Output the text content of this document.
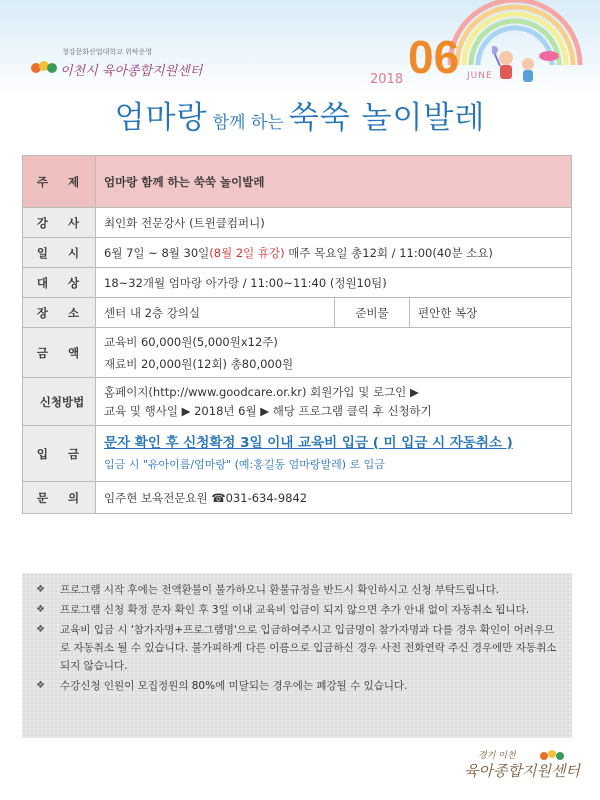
청강문화산업대학교 위탁운영
이천시 육아종합지원센터
2018 06 JUNE
엄마랑 함께 하는 쑥쑥 놀이발레
주 제	엄마랑 함께 하는 쑥쑥 놀이발레		
강 사	최인화 전문강사 (트윈클컴퍼니)		
일 시	6월 7일 ~ 8월 30일(8월 2일 휴강) 매주 목요일 총12회 / 11:00(40분 소요)		
대 상	18~32개월 엄마랑 아가랑 / 11:00~11:40 (정원10팀)		
장 소	센터 내 2층 강의실	준비물	편안한 복장
금 액	교육비 60,000원(5,000원x12주)
재료비 20,000원(12회) 총80,000원		

신청방법	홈페이지(http://www.goodcare.or.kr) 회원가입 및 로그인 ▶
교육 및 행사일 ▶ 2018년 6월 ▶ 해당 프로그램 클릭 후 신청하기		

입 금	문자 확인 후 신청확정 3일 이내 교육비 입금 ( 미 입금 시 자동취소 )
입금 시 "유아이름/엄마랑" (예:홍길동 엄마랑발레) 로 입금		

문 의	임주현 보육전문요원 ☎031-634-9842		
❖ 프로그램 시작 후에는 전액환불이 불가하오니 환불규정을 반드시 확인하시고 신청 부탁드립니다.
❖ 프로그램 신청 확정 문자 확인 후 3일 이내 교육비 입금이 되지 않으면 추가 안내 없이 자동취소 됩니다.
❖ 교육비 입금 시 '참가자명+프로그램명'으로 입금하여주시고 입금명이 참가자명과 다를 경우 확인이 어려우므로 자동취소 될 수 있습니다. 불가피하게 다른 이름으로 입금하신 경우 사전 전화연락 주신 경우에만 자동취소 되지 않습니다.
❖ 수강신청 인원이 모집정원의 80%에 미달되는 경우에는 폐강될 수 있습니다.
경기 이천
육아종합지원센터
